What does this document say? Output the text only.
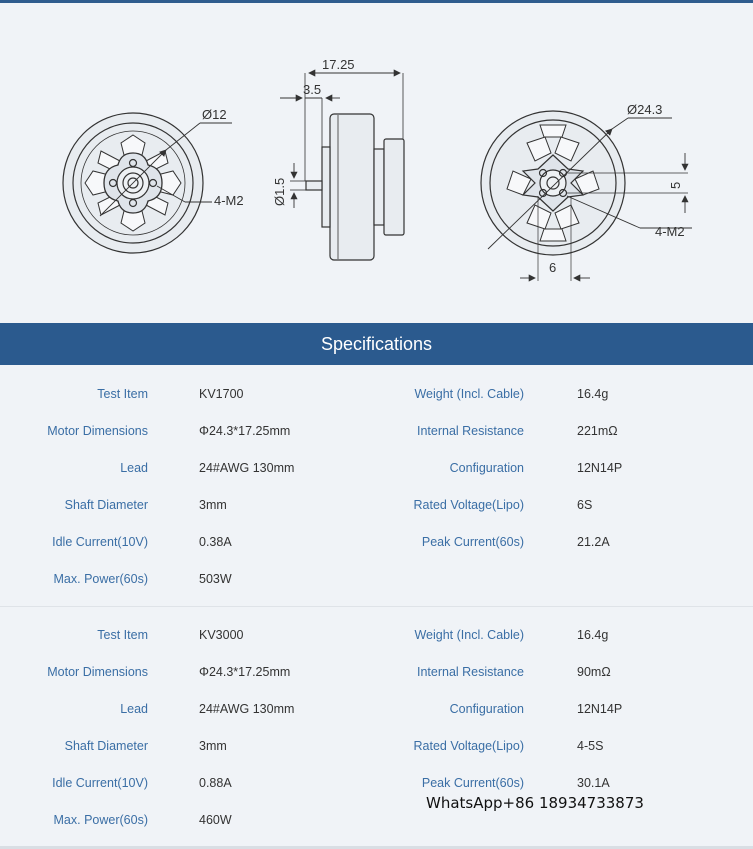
Ø12
4-M2
17.25
3.5
Ø1.5
Ø24.3
5
6
4-M2
Specifications
Test Item	KV1700	Weight (Incl. Cable)	16.4g
Motor Dimensions	Φ24.3*17.25mm	Internal Resistance	221mΩ
Lead	24#AWG 130mm	Configuration	12N14P
Shaft Diameter	3mm	Rated Voltage(Lipo)	6S
Idle Current(10V)	0.38A	Peak Current(60s)	21.2A
Max. Power(60s)	503W
Test Item	KV3000	Weight (Incl. Cable)	16.4g
Motor Dimensions	Φ24.3*17.25mm	Internal Resistance	90mΩ
Lead	24#AWG 130mm	Configuration	12N14P
Shaft Diameter	3mm	Rated Voltage(Lipo)	4-5S
Idle Current(10V)	0.88A	Peak Current(60s)	30.1A
Max. Power(60s)	460W
WhatsApp+86 18934733873
